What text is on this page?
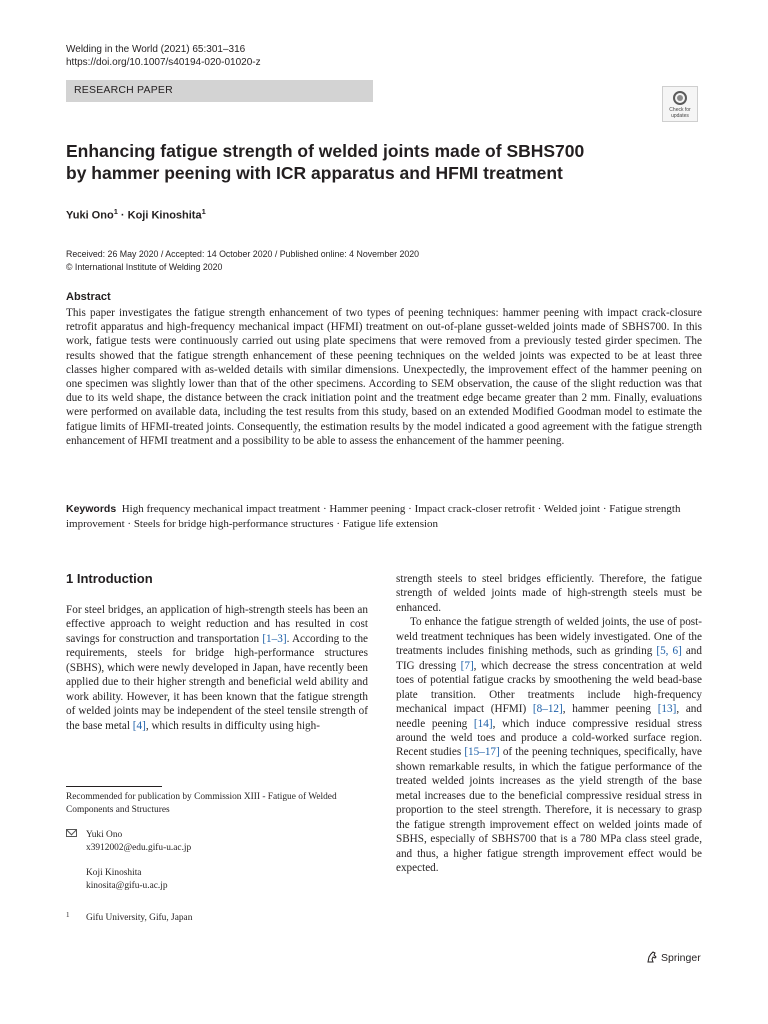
Welding in the World (2021) 65:301–316
https://doi.org/10.1007/s40194-020-01020-z
RESEARCH PAPER
Check for updates
Enhancing fatigue strength of welded joints made of SBHS700
by hammer peening with ICR apparatus and HFMI treatment
Yuki Ono$^1$ · Koji Kinoshita$^1$
Received: 26 May 2020 / Accepted: 14 October 2020 / Published online: 4 November 2020
© International Institute of Welding 2020
Abstract
This paper investigates the fatigue strength enhancement of two types of peening techniques: hammer peening with impact crack-closure retrofit apparatus and high-frequency mechanical impact (HFMI) treatment on out-of-plane gusset-welded joints made of SBHS700. In this work, fatigue tests were continuously carried out using plate specimens that were removed from a previously tested girder specimen. The results showed that the fatigue strength enhancement of these peening techniques on the welded joints was expected to be at least three classes higher compared with as-welded details with similar dimensions. Unexpectedly, the improvement effect of the hammer peening on one specimen was slightly lower than that of the other specimens. According to SEM observation, the cause of the slight reduction was that due to its weld shape, the distance between the crack initiation point and the treatment edge became greater than 2 mm. Finally, evaluations were performed on available data, including the test results from this study, based on an extended Modified Goodman model to estimate the fatigue limits of HFMI-treated joints. Consequently, the estimation results by the model indicated a good agreement with the fatigue strength enhancement of HFMI treatment and a possibility to be able to assess the enhancement of the hammer peening.
Keywords High frequency mechanical impact treatment · Hammer peening · Impact crack-closer retrofit · Welded joint · Fatigue strength improvement · Steels for bridge high-performance structures · Fatigue life extension
1 Introduction

For steel bridges, an application of high-strength steels has been an effective approach to weight reduction and has resulted in cost savings for construction and transportation [1–3]. According to the requirements, steels for bridge high-performance structures (SBHS), which were newly developed in Japan, have recently been applied due to their higher strength and beneficial weld ability and work ability. However, it has been known that the fatigue strength of welded joints may be independent of the steel tensile strength of the base metal [4], which results in difficulty using high-

Recommended for publication by Commission XIII - Fatigue of Welded Components and Structures
Yuki Ono
x3912002@edu.gifu-u.ac.jp
Koji Kinoshita
kinosita@gifu-u.ac.jp
1 Gifu University, Gifu, Japan

strength steels to steel bridges efficiently. Therefore, the fatigue strength of welded joints made of high-strength steels must be enhanced.

To enhance the fatigue strength of welded joints, the use of post-weld treatment techniques has been widely investigated. One of the treatments includes finishing methods, such as grinding [5, 6] and TIG dressing [7], which decrease the stress concentration at weld toes of potential fatigue cracks by smoothening the weld bead-base plate transition. Other treatments include high-frequency mechanical impact (HFMI) [8–12], hammer peening [13], and needle peening [14], which induce compressive residual stress around the weld toes and produce a cold-worked surface region. Recent studies [15–17] of the peening techniques, specifically, have shown remarkable results, in which the fatigue performance of the treated welded joints increases as the yield strength of the base metal increases due to the beneficial compressive residual stress in proportion to the steel strength. Therefore, it is necessary to grasp the fatigue strength improvement effect on welded joints made of SBHS, especially of SBHS700 that is a 780 MPa class steel grade, and thus, a higher fatigue strength improvement effect would be expected.

Springer
